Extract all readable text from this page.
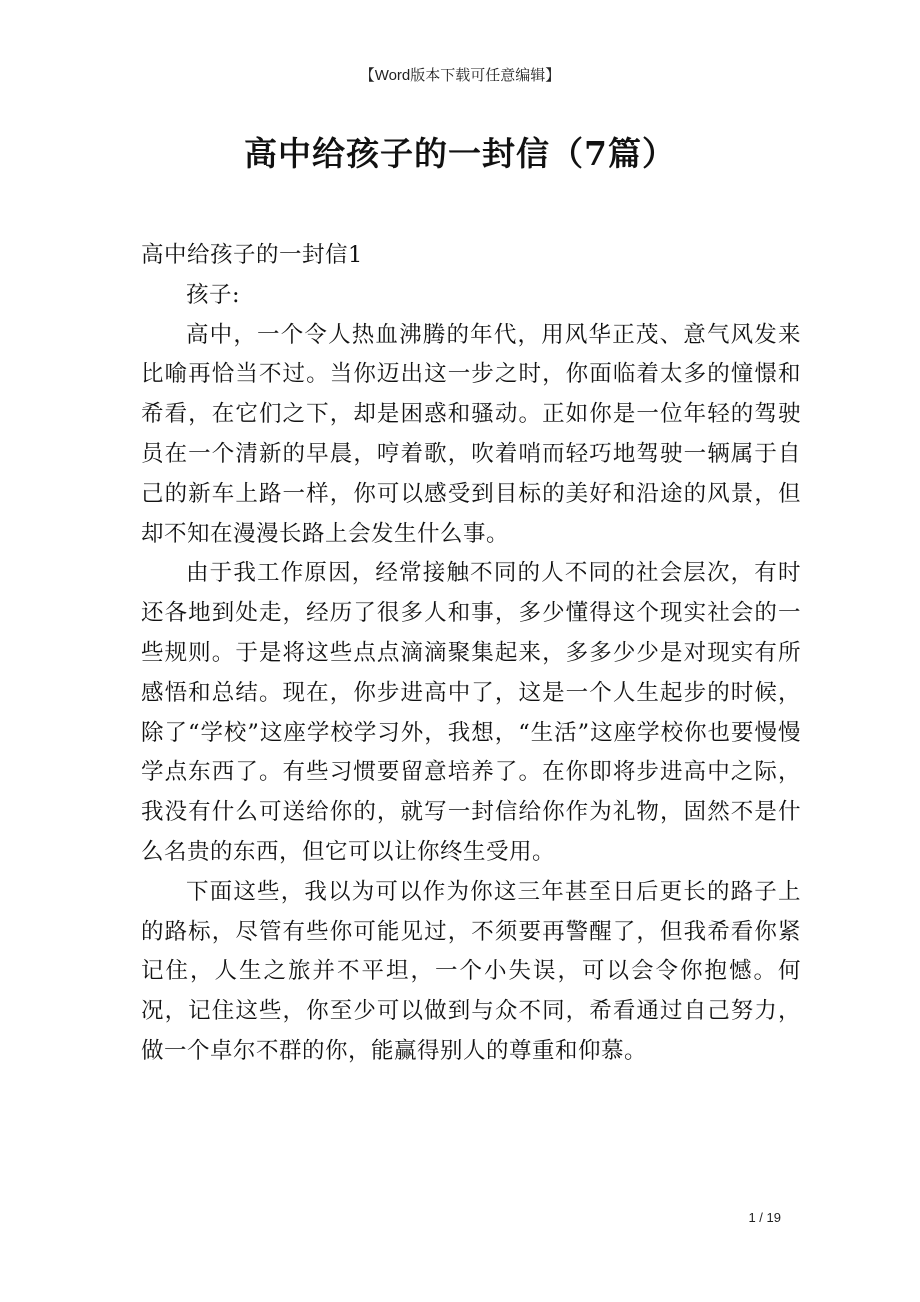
【Word版本下载可任意编辑】
高中给孩子的一封信（7篇）

高中给孩子的一封信1

孩子:

高中，一个令人热血沸腾的年代，用风华正茂、意气风发来比喻再恰当不过。当你迈出这一步之时，你面临着太多的憧憬和希看，在它们之下，却是困惑和骚动。正如你是一位年轻的驾驶员在一个清新的早晨，哼着歌，吹着哨而轻巧地驾驶一辆属于自己的新车上路一样，你可以感受到目标的美好和沿途的风景，但却不知在漫漫长路上会发生什么事。

由于我工作原因，经常接触不同的人不同的社会层次，有时还各地到处走，经历了很多人和事，多少懂得这个现实社会的一些规则。于是将这些点点滴滴聚集起来，多多少少是对现实有所感悟和总结。现在，你步进高中了，这是一个人生起步的时候，除了“学校”这座学校学习外，我想，“生活”这座学校你也要慢慢学点东西了。有些习惯要留意培养了。在你即将步进高中之际，我没有什么可送给你的，就写一封信给你作为礼物，固然不是什么名贵的东西，但它可以让你终生受用。

下面这些，我以为可以作为你这三年甚至日后更长的路子上的路标，尽管有些你可能见过，不须要再警醒了，但我希看你紧记住，人生之旅并不平坦，一个小失误，可以会令你抱憾。何况，记住这些，你至少可以做到与众不同，希看通过自己努力，做一个卓尔不群的你，能赢得别人的尊重和仰慕。

1 / 19
